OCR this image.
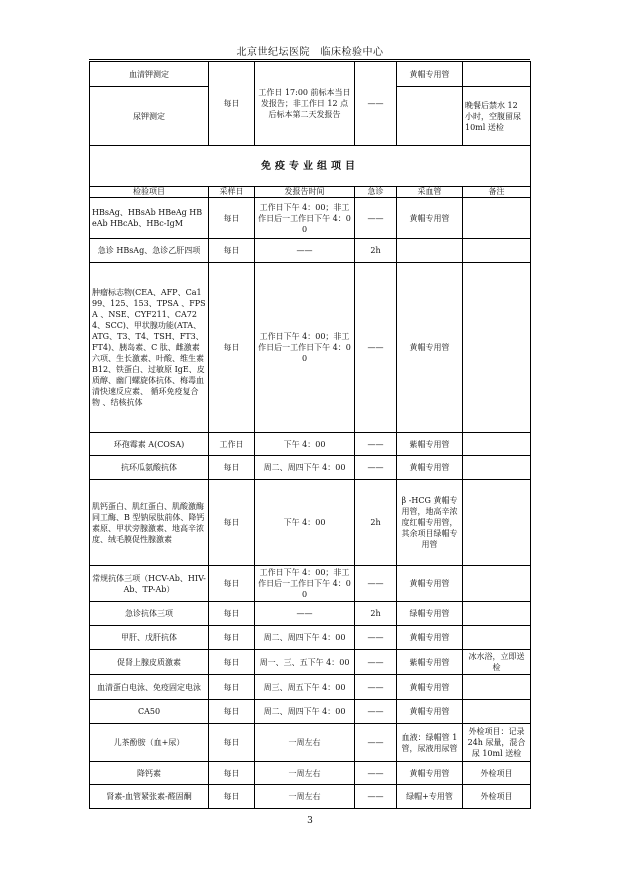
北京世纪坛医院　临床检验中心
血清钾测定	每日	工作日 17:00 前标本当日发报告；非工作日 12 点后标本第二天发报告	——	黄帽专用管	
尿钾测定					晚餐后禁水 12 小时，空腹留尿 10ml 送检
免疫专业组项目					
检验项目	采样日	发报告时间	急诊	采血管	备注
HBsAg、HBsAb HBeAg HBeAb HBcAb、HBc-IgM	每日	工作日下午 4：00；非工作日后一工作日下午 4：00	——	黄帽专用管	
急诊 HBsAg、急诊乙肝四项	每日	——	2h		
肿瘤标志物(CEA、AFP、Ca199、125、153、TPSA 、FPSA 、NSE、CYF211、CA724、SCC)、甲状腺功能(ATA、ATG、T3、T4、TSH、FT3、FT4)、胰岛素、C 肽、雌激素六项、生长激素、叶酸、维生素 B12、铁蛋白、过敏原 IgE、皮质醇、幽门螺旋体抗体、梅毒血清快速反应素、 循环免疫复合物 、结核抗体	每日	工作日下午 4：00；非工作日后一工作日下午 4：00	——	黄帽专用管	
环孢霉素 A(COSA)	工作日	下午 4：00	——	紫帽专用管	
抗环瓜氨酸抗体	每日	周二、周四下午 4：00	——	黄帽专用管	
肌钙蛋白、肌红蛋白、肌酸激酶同工酶、B 型钠尿肽前体、降钙素原、甲状旁腺激素、地高辛浓度、绒毛膜促性腺激素	每日	下午 4：00	2h	β -HCG 黄帽专用管，地高辛浓度红帽专用管，其余项目绿帽专用管	
常规抗体三项（HCV-Ab、HIV-Ab、TP-Ab）	每日	工作日下午 4：00；非工作日后一工作日下午 4：00	——	黄帽专用管	
急诊抗体三项	每日	——	2h	绿帽专用管	
甲肝、戊肝抗体	每日	周二、周四下午 4：00	——	黄帽专用管	
促肾上腺皮质激素	每日	周一、三、五下午 4：00	——	紫帽专用管	冰水浴，立即送检
血清蛋白电泳、免疫固定电泳	每日	周三、周五下午 4：00	——	黄帽专用管	
CA50	每日	周二、周四下午 4：00	——	黄帽专用管	
儿茶酚胺（血+尿）	每日	一周左右	——	血液：绿帽管 1 管，尿液用尿管	外检项目：记录 24h 尿量，混合尿 10ml 送检
降钙素	每日	一周左右	——	黄帽专用管	外检项目
肾素-血管紧张素-醛固酮	每日	一周左右	——	绿帽+专用管	外检项目
3
